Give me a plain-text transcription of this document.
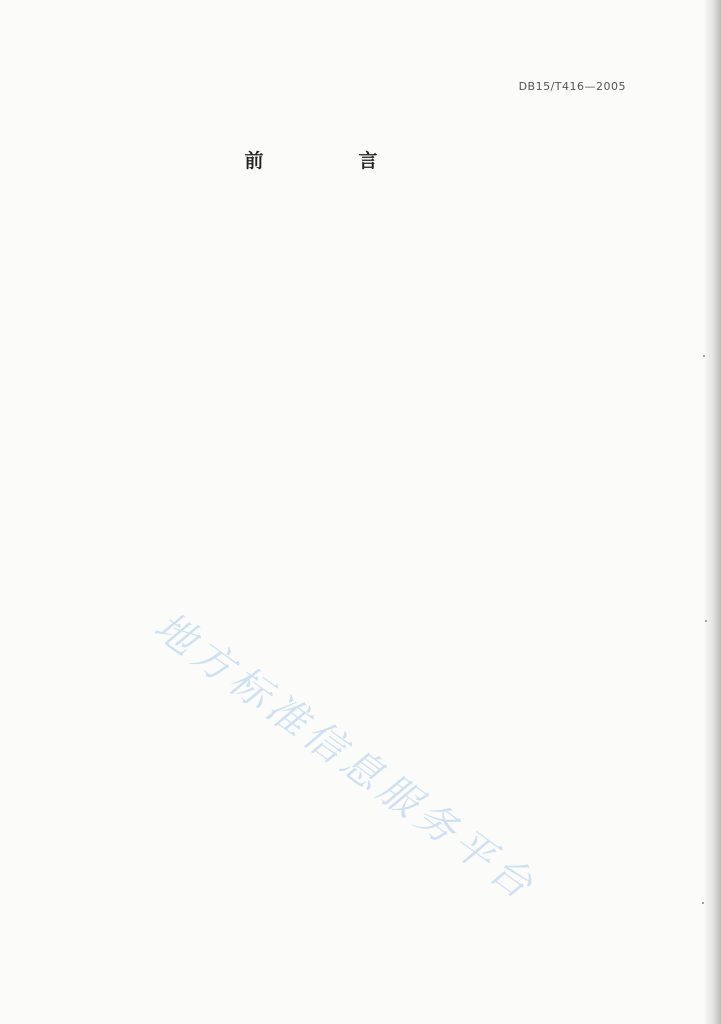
DB15/T416—2005
前　言

地方标准信息服务平台
